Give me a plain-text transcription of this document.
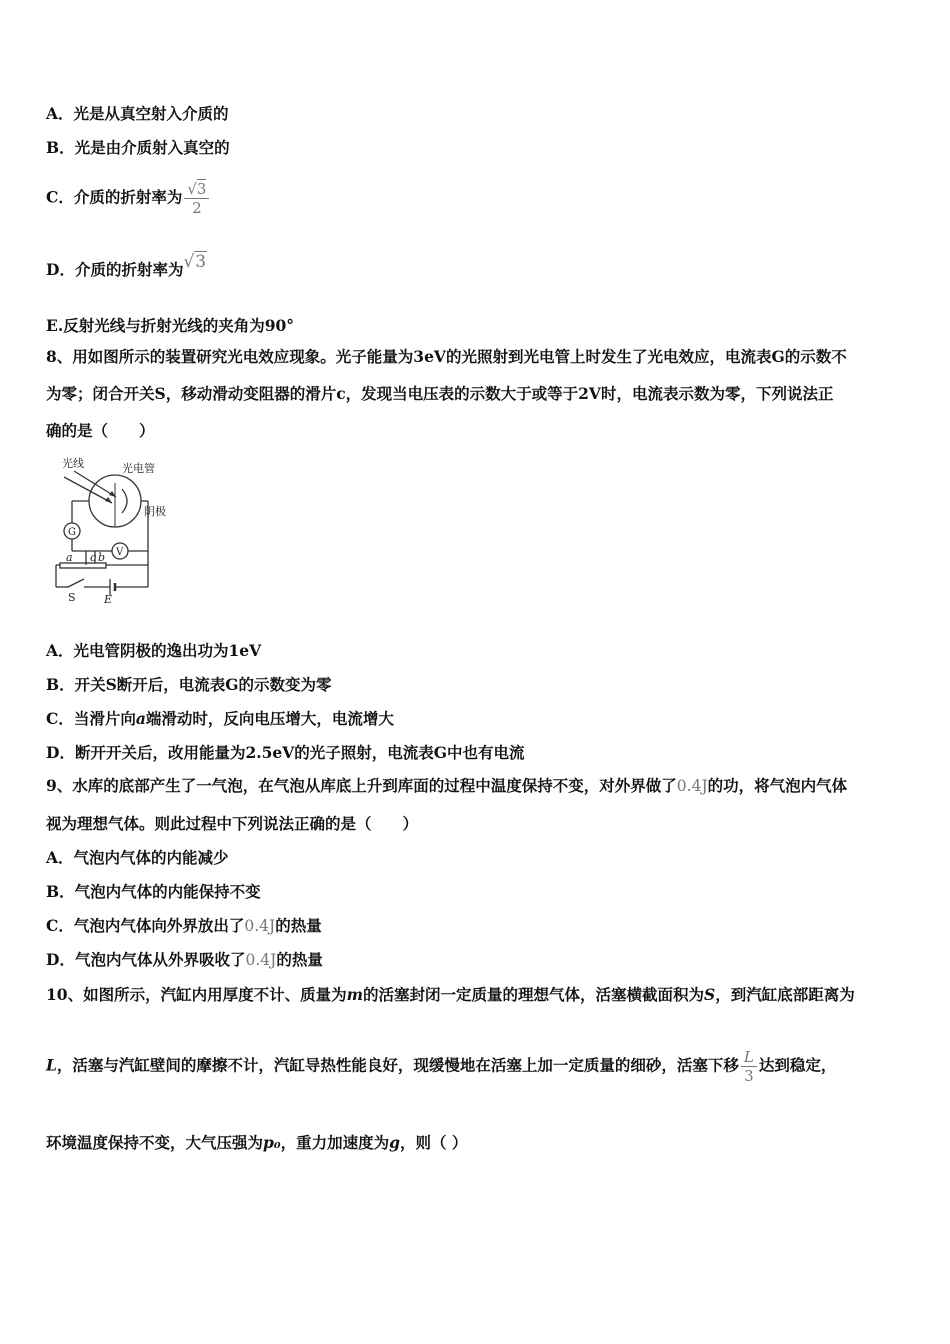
A．光是从真空射入介质的
B．光是由介质射入真空的
C．介质的折射率为 $\frac{√3}{2}$
D．介质的折射率为√3
E.反射光线与折射光线的夹角为90°
8、用如图所示的装置研究光电效应现象。光子能量为3eV的光照射到光电管上时发生了光电效应，电流表G的示数不
为零；闭合开关S，移动滑动变阻器的滑片c，发现当电压表的示数大于或等于2V时，电流表示数为零，下列说法正
确的是（　　）
光线	光电管
阴极
G
V
a c b
S	E
A．光电管阴极的逸出功为1eV
B．开关S断开后，电流表G的示数变为零
C．当滑片向a端滑动时，反向电压增大，电流增大
D．断开开关后，改用能量为2.5eV的光子照射，电流表G中也有电流
9、水库的底部产生了一气泡，在气泡从库底上升到库面的过程中温度保持不变，对外界做了0.4J的功，将气泡内气体
视为理想气体。则此过程中下列说法正确的是（　　）
A．气泡内气体的内能减少
B．气泡内气体的内能保持不变
C．气泡内气体向外界放出了0.4J的热量
D．气泡内气体从外界吸收了0.4J的热量
10、如图所示，汽缸内用厚度不计、质量为m的活塞封闭一定质量的理想气体，活塞横截面积为S，到汽缸底部距离为
L，活塞与汽缸壁间的摩擦不计，汽缸导热性能良好，现缓慢地在活塞上加一定质量的细砂，活塞下移 $\frac{L}{3}$ 达到稳定，
环境温度保持不变，大气压强为p₀，重力加速度为g，则（ ）
